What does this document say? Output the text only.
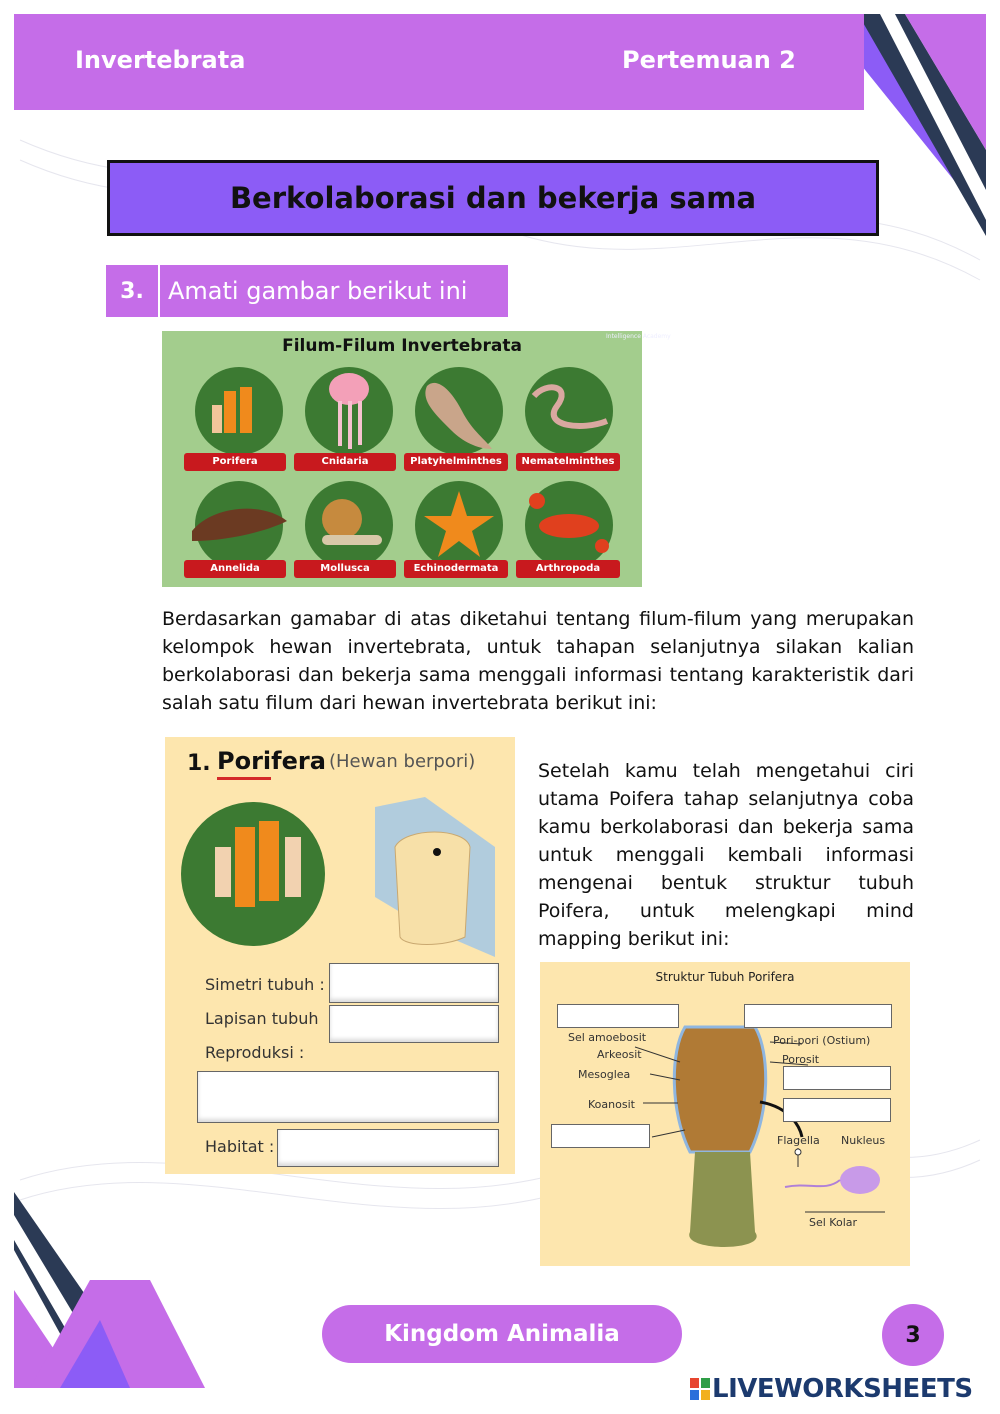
Invertebrata	Pertemuan 2
Berkolaborasi dan bekerja sama
3.	Amati gambar berikut ini
Filum-Filum Invertebrata
Porifera	Cnidaria	Platyhelminthes	Nematelminthes
Annelida	Mollusca	Echinodermata	Arthropoda
Intelligence Academy
Berdasarkan gamabar di atas diketahui tentang filum-filum yang merupakan kelompok hewan invertebrata, untuk tahapan selanjutnya silakan kalian berkolaborasi dan bekerja sama menggali informasi tentang karakteristik dari salah satu filum dari hewan invertebrata berikut ini:
1. Porifera (Hewan berpori)
Simetri tubuh :
Lapisan tubuh
Reproduksi :
Habitat :
Setelah kamu telah mengetahui ciri utama Poifera tahap selanjutnya coba kamu berkolaborasi dan bekerja sama untuk menggali kembali informasi mengenai bentuk struktur tubuh Poifera, untuk melengkapi mind mapping berikut ini:
Struktur Tubuh Porifera
Sel amoebosit
Arkeosit
Mesoglea
Koanosit
Pori-pori (Ostium)
Porosit
Flagella Nukleus
Sel Kolar
Kingdom Animalia	3
LIVEWORKSHEETS
